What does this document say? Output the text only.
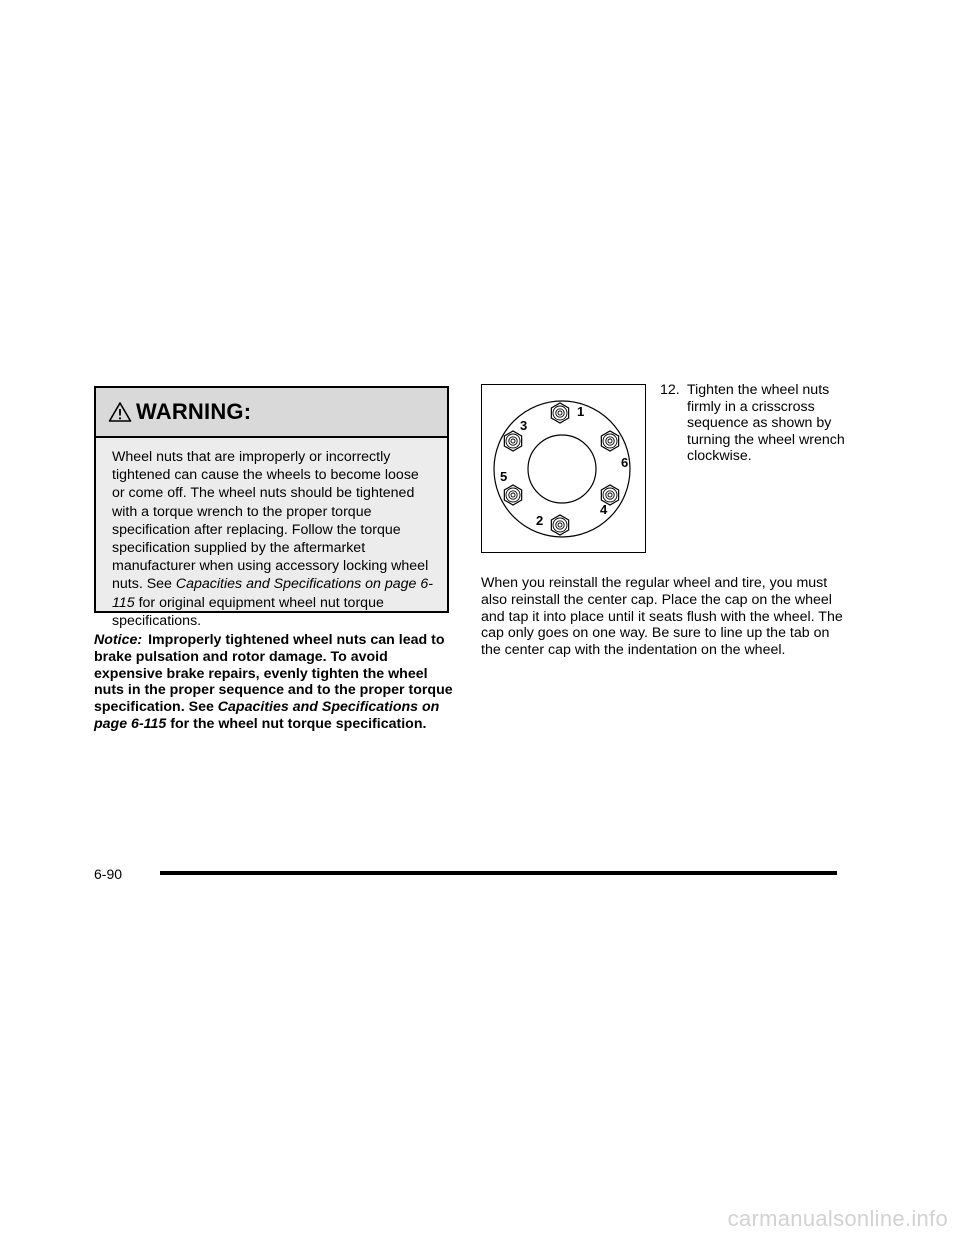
WARNING:
Wheel nuts that are improperly or incorrectly tightened can cause the wheels to become loose or come off. The wheel nuts should be tightened with a torque wrench to the proper torque specification after replacing. Follow the torque specification supplied by the aftermarket manufacturer when using accessory locking wheel nuts. See Capacities and Specifications on page 6-115 for original equipment wheel nut torque specifications.
Notice: Improperly tightened wheel nuts can lead to brake pulsation and rotor damage. To avoid expensive brake repairs, evenly tighten the wheel nuts in the proper sequence and to the proper torque specification. See Capacities and Specifications on page 6-115 for the wheel nut torque specification.
1
2
3
4
5
6
12. Tighten the wheel nuts firmly in a crisscross sequence as shown by turning the wheel wrench clockwise.
When you reinstall the regular wheel and tire, you must also reinstall the center cap. Place the cap on the wheel and tap it into place until it seats flush with the wheel. The cap only goes on one way. Be sure to line up the tab on the center cap with the indentation on the wheel.
6-90
carmanualsonline.info
